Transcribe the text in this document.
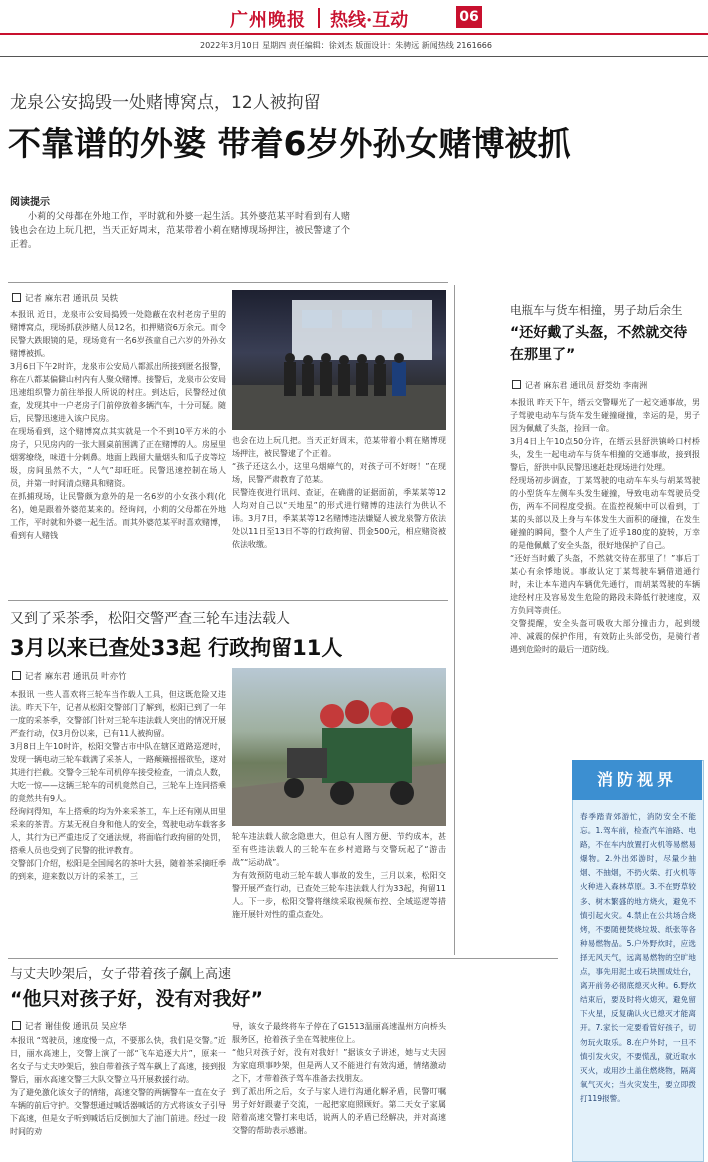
广州晚报 热线·互动	06
2022年3月10日 星期四 责任编辑：徐刘杰 版面设计：朱骋远 新闻热线 2161666
龙泉公安捣毁一处赌博窝点，12人被拘留
不靠谱的外婆 带着6岁外孙女赌博被抓
阅读提示

小莉的父母都在外地工作，平时就和外婆一起生活。其外婆范某平时看到有人赌钱也会在边上玩几把，当天正好周末，范某带着小莉在赌博现场押注，被民警逮了个正着。

记者 麻东君 通讯员 吴轶

本报讯 近日，龙泉市公安局捣毁一处隐蔽在农村老房子里的赌博窝点，现场抓获涉赌人员12名，扣押赌资6万余元。而令民警大跌眼镜的是，现场竟有一名6岁孩童自己六岁的外孙女赌博被抓。
3月6日下午2时许，龙泉市公安局八都派出所接到匿名报警，称在八都某偏僻山村内有人聚众赌博。接警后，龙泉市公安局迅速组织警力前往举报人所说的村庄。到达后，民警经过侦查，发现其中一户老房子门前停放着多辆汽车，十分可疑。随后，民警迅速进入该户民房。
在现场看到，这个赌博窝点其实就是一个不到10平方米的小房子，只见房内的一张大圆桌前围满了正在赌博的人。房屋里烟雾缭绕，味道十分刺鼻。地面上践留大量烟头和瓜子皮等垃圾，房间虽然不大，“人气”却旺旺。民警迅速控制在场人员，并第一时间清点赌具和赌资。
在抓捕现场，让民警颇为意外的是一名6岁的小女孩小莉(化名)，她是跟着外婆范某来的。经询问，小莉的父母都在外地工作，平时就和外婆一起生活。而其外婆范某平时喜欢赌博，看到有人赌钱

也会在边上玩几把。当天正好周末，范某带着小莉在赌博现场押注，被民警逮了个正着。
“孩子还这么小，这里乌烟瘴气的，对孩子可不好呀！”在现场，民警严肃教育了范某。
民警连夜进行讯问、查证，在确凿的证据面前，季某某等12人均对自己以“天地星”的形式进行赌博的违法行为供认不讳。3月7日，季某某等12名赌博违法嫌疑人被龙泉警方依法处以11日至13日不等的行政拘留、罚金500元，相应赌资被依法收缴。

又到了采茶季，松阳交警严查三轮车违法载人
3月以来已查处33起 行政拘留11人
记者 麻东君 通讯员 叶亦竹

本报讯 一些人喜欢将三轮车当作载人工具，但这既危险又违法。昨天下午，记者从松阳交警部门了解到，松阳已到了一年一度的采茶季，交警部门针对三轮车违法载人突出的情况开展严查行动，仅3月份以来，已有11人被拘留。
3月8日上午10时许，松阳交警古市中队在辖区道路巡逻时，发现一辆电动三轮车载满了采茶人，一路颠簸摇摇欲坠，遂对其进行拦截。交警令三轮车司机停车接受检查，一清点人数，大吃一惊——这辆三轮车的司机竟然自己，三轮车上连同搭乘的竟然共有9人。
经询问得知，车上搭乘的均为外来采茶工，车上还有刚从田里采来的茶青。方某无视自身和他人的安全，驾驶电动车载客多人，其行为已严重违反了交通法规，将面临行政拘留的处罚，搭乘人员也受到了民警的批评教育。
交警部门介绍，松阳是全国闻名的茶叶大县，随着茶采摘旺季的到来，迎来数以万计的采茶工，三

轮车违法载人欲念隐患大，但总有人图方便、节约成本，甚至有些违法载人的三轮车在乡村道路与交警玩起了“游击战”“运动战”。
为有效预防电动三轮车载人事故的发生，三月以来，松阳交警开展严查行动，已查处三轮车违法载人行为33起，拘留11人。下一步，松阳交警将继续采取视频布控、全域巡逻等措施开展针对性的重点查处。

与丈夫吵架后，女子带着孩子飙上高速
“他只对孩子好，没有对我好”
记者 谢佳俊 通讯员 吴应华

本报讯 “驾驶员，速度慢一点，不要那么快，我们是交警。”近日，丽水高速上，交警上演了一部“飞车追逐大片”，原来一名女子与丈夫吵架后，独自带着孩子驾车飙上了高速，接到报警后，丽水高速交警三大队交警立马开展救援行动。
为了避免激化该女子的情绪，高速交警的两辆警车一直在女子车辆的前后守护。交警想通过喊话器喊话的方式将该女子引导下高速，但是女子听到喊话后反倒加大了油门前进。经过一段时间的劝

导，该女子最终将车子停在了G1513温丽高速温州方向桥头服务区，抢着孩子坐在驾驶座位上。
“他只对孩子好，没有对我好！”据该女子讲述，她与丈夫因为家庭琐事吵架，但是两人又不能进行有效沟通，情绪激动之下，才带着孩子驾车准备去找朋友。
到了派出所之后，女子与家人进行沟通化解矛盾，民警叮嘱男子好好跟妻子交流，一起把家庭照顾好。第二天女子家属陪着高速交警打来电话，说两人的矛盾已经解决，并对高速交警的帮助表示感谢。

电瓶车与货车相撞，男子劫后余生
“还好戴了头盔，不然就交待在那里了”
记者 麻东君 通讯员 舒茭幼 李南洲

本报讯 昨天下午，缙云交警曝光了一起交通事故，男子驾驶电动车与货车发生碰撞碰撞，幸运的是，男子因为佩戴了头盔，捡回一命。
3月4日上午10点50分许，在缙云县舒洪镇岭口村桥头，发生一起电动车与货车相撞的交通事故，接到报警后，舒洪中队民警迅速赶赴现场进行处理。
经现场初步调查，丁某驾驶的电动车车头与胡某驾驶的小型货车左侧车头发生碰撞，导致电动车驾驶员受伤，两车不同程度受损。在监控视频中可以看到，丁某的头部以及上身与车体发生大面积的碰撞，在发生碰撞的瞬间，整个人产生了近乎180度的旋转，万幸的是他佩戴了安全头盔，很好地保护了自己。
“还好当时戴了头盔，不然就交待在那里了！”事后丁某心有余悸地说。事故认定丁某驾驶车辆借道通行时，未让本车道内车辆优先通行，而胡某驾驶的车辆途经村庄及容易发生危险的路段未降低行驶速度，双方负同等责任。
交警提醒，安全头盔可吸收大部分撞击力，起到缓冲、减震的保护作用，有效防止头部受伤，是骑行者遇到危险时的最后一道防线。

消防视界

春季踏青郊游忙，消防安全不能忘。1.驾车前，检查汽车油路、电路，不在车内放置打火机等易燃易爆物。2.外出郊游时，尽量少抽烟、不抽烟，不扔火柴、打火机等火种进入森林草原。3.不在野草较多、树木繁盛的地方烧火，避免不慎引起火灾。4.禁止在公共场合烧烤，不要随便焚烧垃圾、纸张等各种易燃物品。5.户外野炊时，应选择无风天气，远离易燃物的空旷地点，事先用泥土或石块围成灶台，离开前务必彻底熄灭火种。6.野炊结束后，要及时将火熄灭，避免留下火星，反复确认火已熄灭才能离开。7.家长一定要看管好孩子，切勿玩火取乐。8.在户外时，一旦不慎引发火灾，不要慌乱，就近取水灭火，或用沙土盖住燃烧物，隔离氧气灭火；当火灾发生，要立即拨打119报警。
